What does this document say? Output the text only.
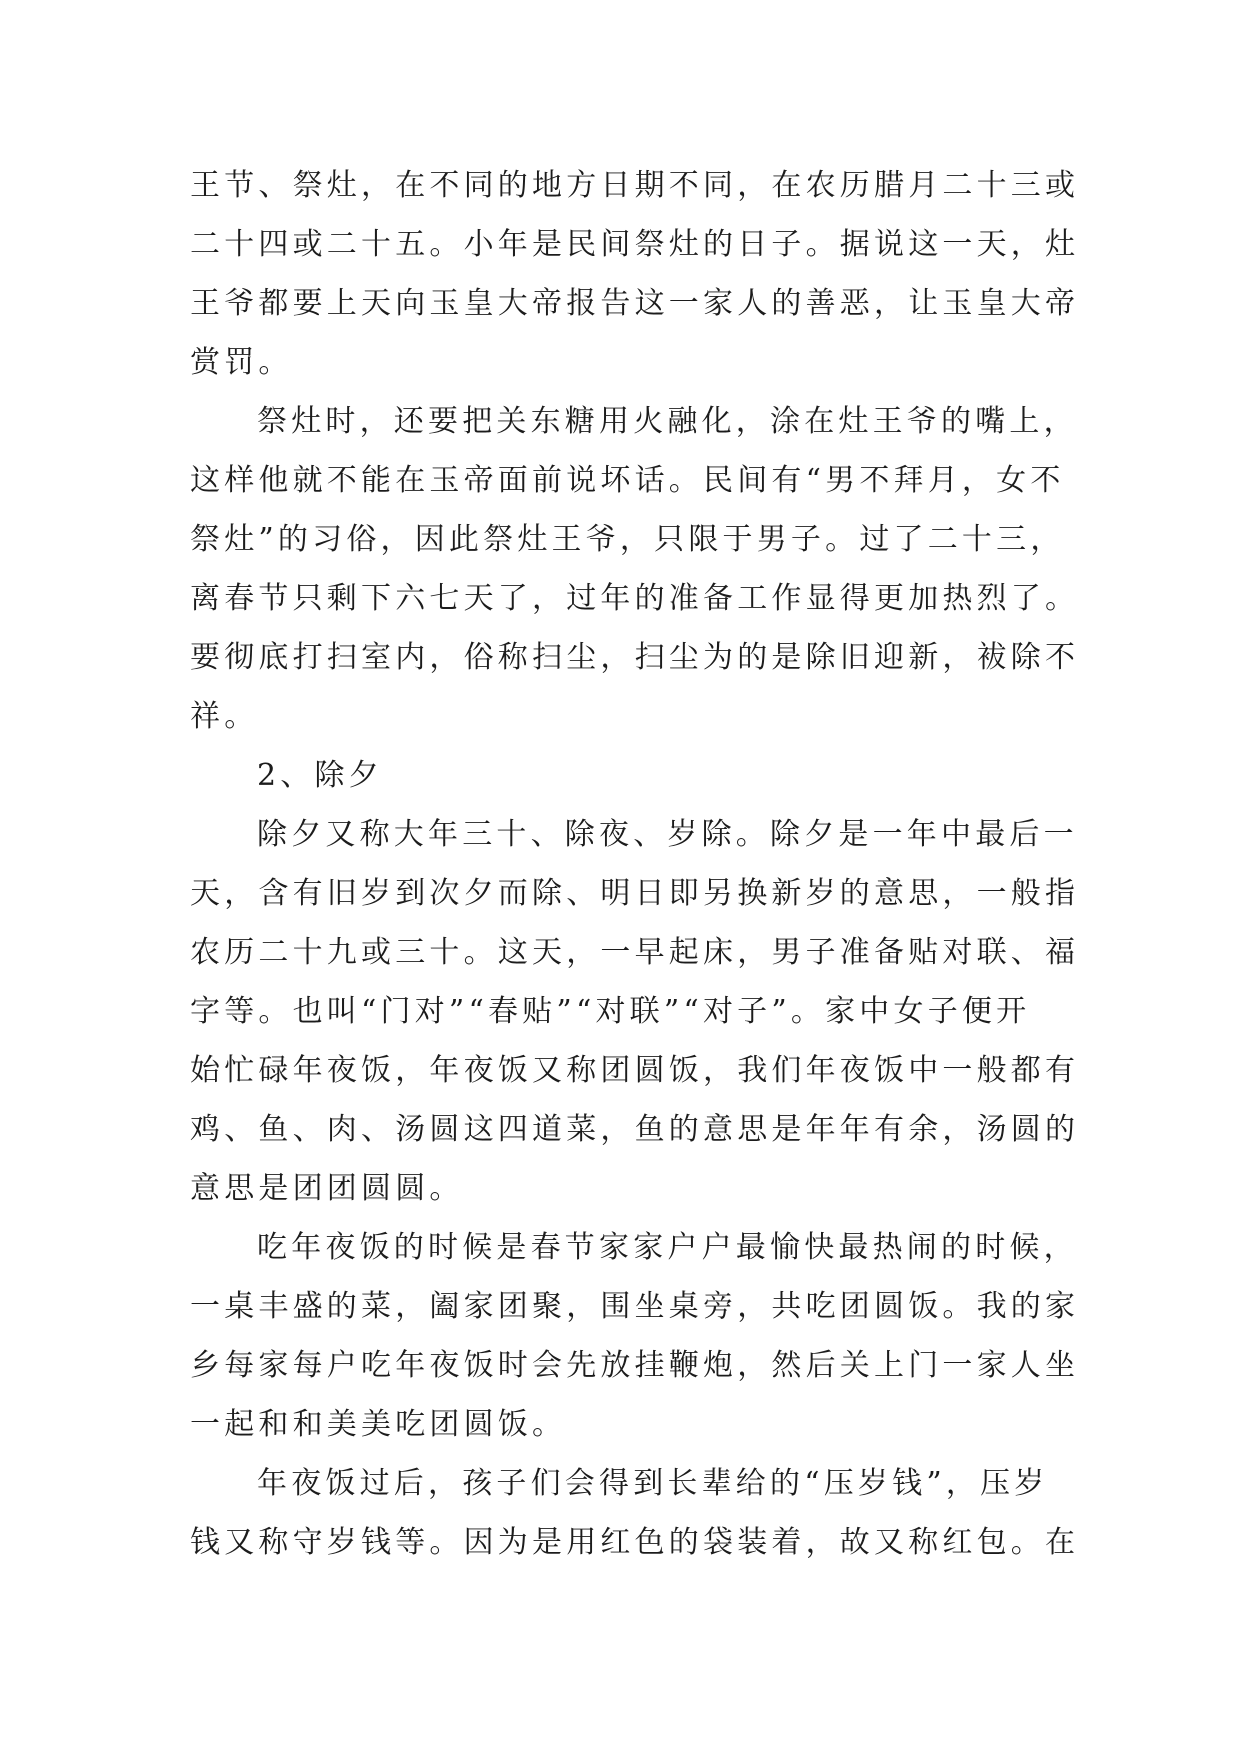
王节、祭灶，在不同的地方日期不同，在农历腊月二十三或
二十四或二十五。小年是民间祭灶的日子。据说这一天，灶
王爷都要上天向玉皇大帝报告这一家人的善恶，让玉皇大帝
赏罚。
祭灶时，还要把关东糖用火融化，涂在灶王爷的嘴上，
这样他就不能在玉帝面前说坏话。民间有“男不拜月，女不
祭灶”的习俗，因此祭灶王爷，只限于男子。过了二十三，
离春节只剩下六七天了，过年的准备工作显得更加热烈了。
要彻底打扫室内，俗称扫尘，扫尘为的是除旧迎新，袚除不
祥。
2、除夕
除夕又称大年三十、除夜、岁除。除夕是一年中最后一
天，含有旧岁到次夕而除、明日即另换新岁的意思，一般指
农历二十九或三十。这天，一早起床，男子准备贴对联、福
字等。也叫“门对”“春贴”“对联”“对子”。家中女子便开
始忙碌年夜饭，年夜饭又称团圆饭，我们年夜饭中一般都有
鸡、鱼、肉、汤圆这四道菜，鱼的意思是年年有余，汤圆的
意思是团团圆圆。
吃年夜饭的时候是春节家家户户最愉快最热闹的时候，
一桌丰盛的菜，阖家团聚，围坐桌旁，共吃团圆饭。我的家
乡每家每户吃年夜饭时会先放挂鞭炮，然后关上门一家人坐
一起和和美美吃团圆饭。
年夜饭过后，孩子们会得到长辈给的“压岁钱”，压岁
钱又称守岁钱等。因为是用红色的袋装着，故又称红包。在
